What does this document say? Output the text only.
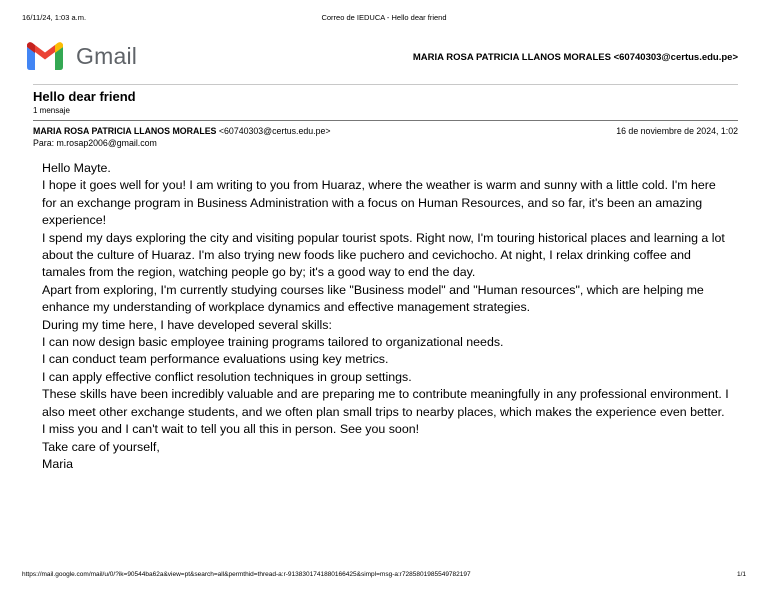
16/11/24, 1:03 a.m.	Correo de IEDUCA - Hello dear friend
Gmail	MARIA ROSA PATRICIA LLANOS MORALES <60740303@certus.edu.pe>
Hello dear friend
1 mensaje
MARIA ROSA PATRICIA LLANOS MORALES <60740303@certus.edu.pe>	16 de noviembre de 2024, 1:02
Para: m.rosap2006@gmail.com

Hello Mayte.

I hope it goes well for you! I am writing to you from Huaraz, where the weather is warm and sunny with a little cold. I'm here for an exchange program in Business Administration with a focus on Human Resources, and so far, it's been an amazing experience!

I spend my days exploring the city and visiting popular tourist spots. Right now, I'm touring historical places and learning a lot about the culture of Huaraz. I'm also trying new foods like puchero and cevichocho. At night, I relax drinking coffee and tamales from the region, watching people go by; it's a good way to end the day.

Apart from exploring, I'm currently studying courses like "Business model" and "Human resources", which are helping me enhance my understanding of workplace dynamics and effective management strategies.

During my time here, I have developed several skills:

I can now design basic employee training programs tailored to organizational needs.

I can conduct team performance evaluations using key metrics.

I can apply effective conflict resolution techniques in group settings.

These skills have been incredibly valuable and are preparing me to contribute meaningfully in any professional environment. I also meet other exchange students, and we often plan small trips to nearby places, which makes the experience even better.

I miss you and I can't wait to tell you all this in person. See you soon!

Take care of yourself,

Maria

https://mail.google.com/mail/u/0/?ik=90544ba62a&view=pt&search=all&permthid=thread-a:r-9138301741880166425&simpl=msg-a:r7285801985549782197	1/1
